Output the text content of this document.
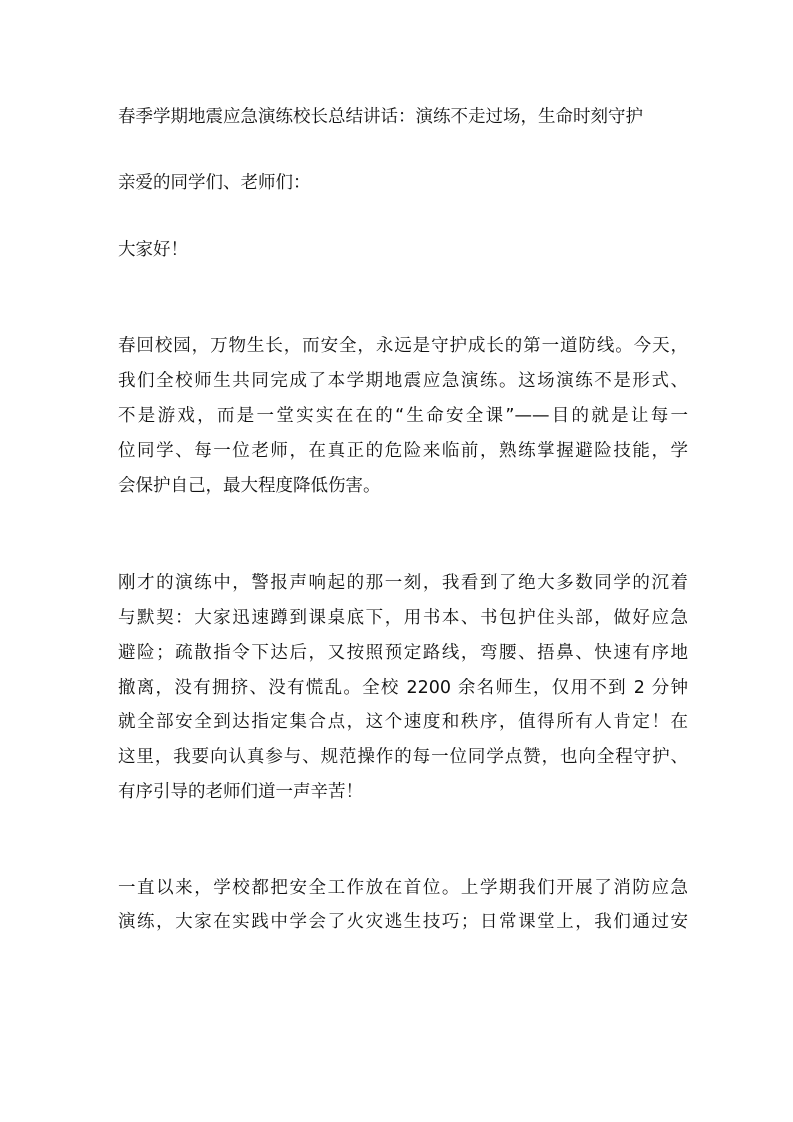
春季学期地震应急演练校长总结讲话：演练不走过场，生命时刻守护
亲爱的同学们、老师们：
大家好！
春回校园，万物生长，而安全，永远是守护成长的第一道防线。今天，
我们全校师生共同完成了本学期地震应急演练。这场演练不是形式、
不是游戏，而是一堂实实在在的“生命安全课”——目的就是让每一
位同学、每一位老师，在真正的危险来临前，熟练掌握避险技能，学
会保护自己，最大程度降低伤害。
刚才的演练中，警报声响起的那一刻，我看到了绝大多数同学的沉着
与默契：大家迅速蹲到课桌底下，用书本、书包护住头部，做好应急
避险；疏散指令下达后，又按照预定路线，弯腰、捂鼻、快速有序地
撤离，没有拥挤、没有慌乱。全校 2200 余名师生，仅用不到 2 分钟
就全部安全到达指定集合点，这个速度和秩序，值得所有人肯定！在
这里，我要向认真参与、规范操作的每一位同学点赞，也向全程守护、
有序引导的老师们道一声辛苦！
一直以来，学校都把安全工作放在首位。上学期我们开展了消防应急
演练，大家在实践中学会了火灾逃生技巧；日常课堂上，我们通过安
